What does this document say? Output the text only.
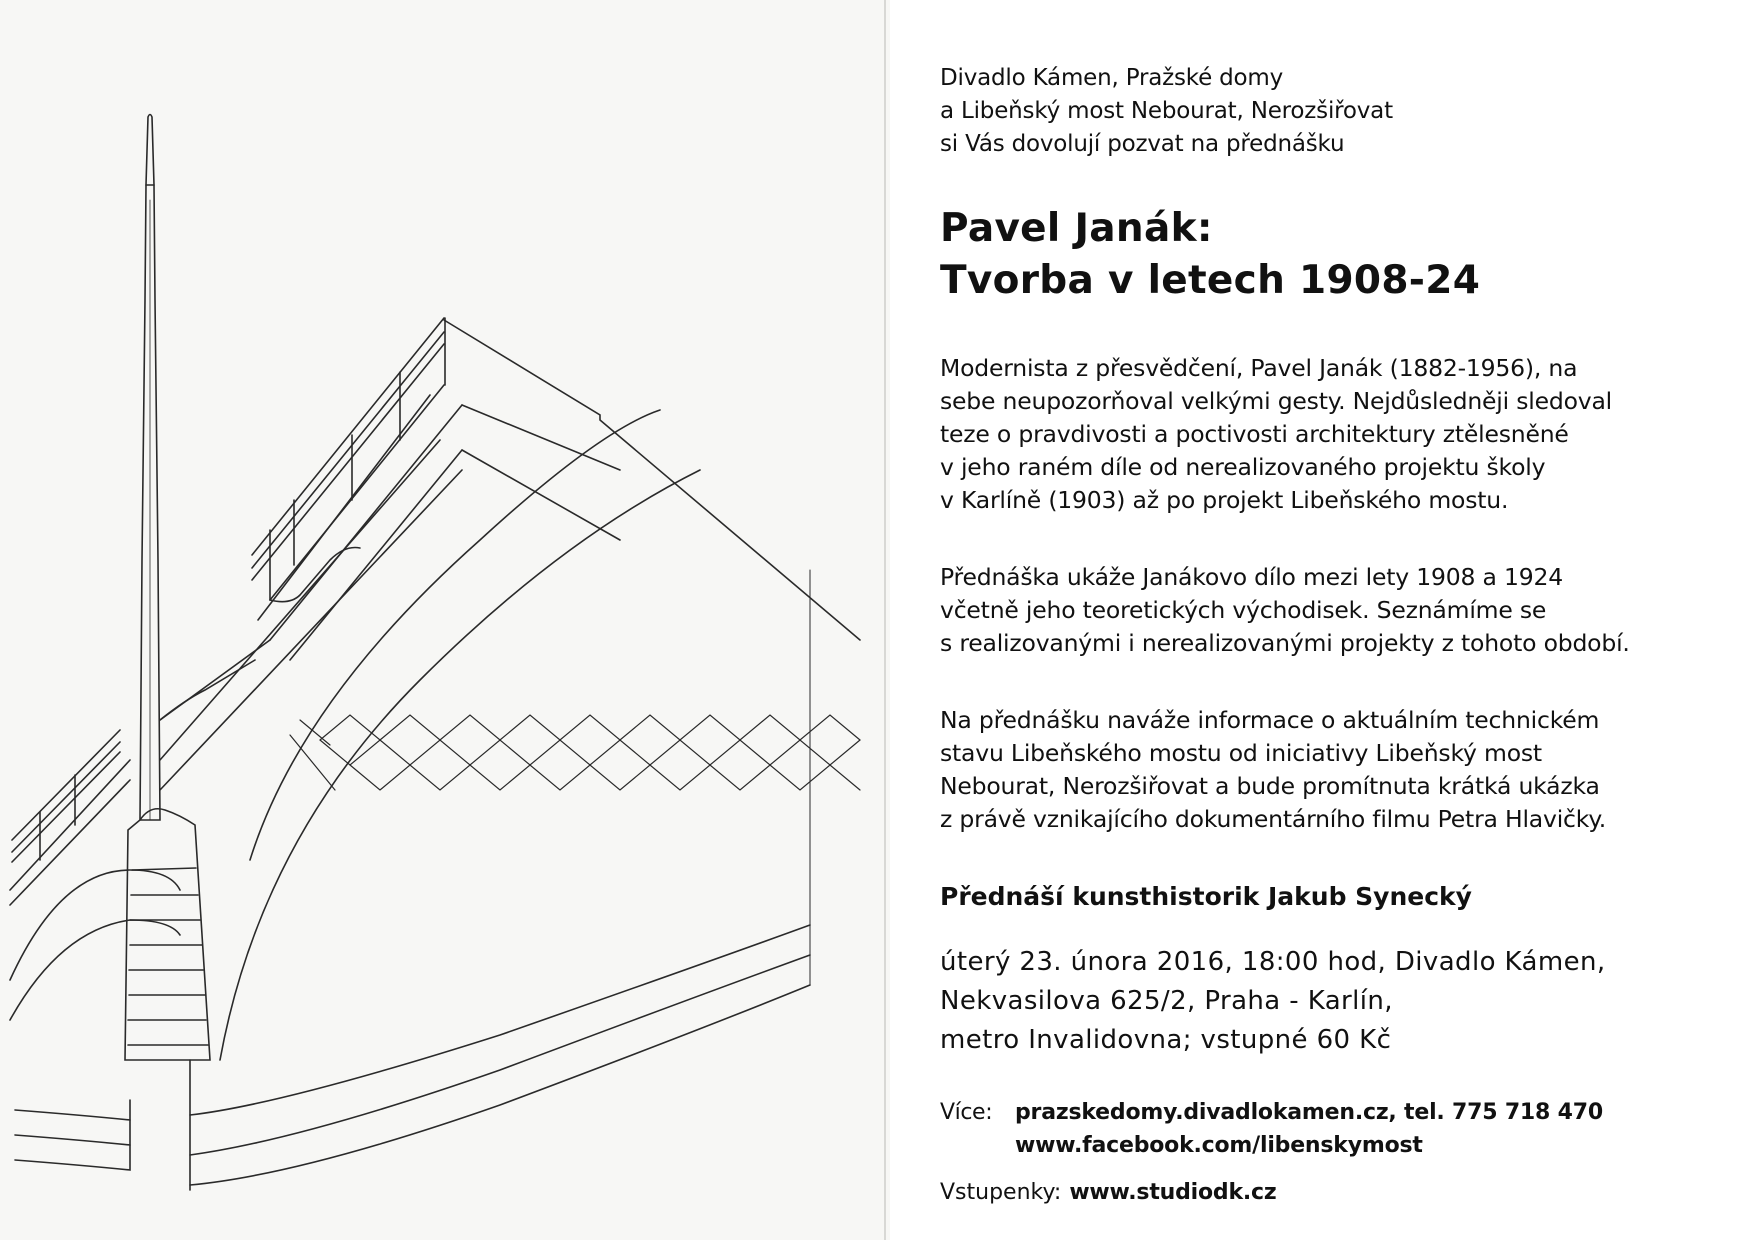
Divadlo Kámen, Pražské domy
a Libeňský most Nebourat, Nerozšiřovat
si Vás dovolují pozvat na přednášku

Pavel Janák:
Tvorba v letech 1908-24

Modernista z přesvědčení, Pavel Janák (1882-1956), na
sebe neupozorňoval velkými gesty. Nejdůsledněji sledoval
teze o pravdivosti a poctivosti architektury ztělesněné
v jeho raném díle od nerealizovaného projektu školy
v Karlíně (1903) až po projekt Libeňského mostu.

Přednáška ukáže Janákovo dílo mezi lety 1908 a 1924
včetně jeho teoretických východisek. Seznámíme se
s realizovanými i nerealizovanými projekty z tohoto období.

Na přednášku naváže informace o aktuálním technickém
stavu Libeňského mostu od iniciativy Libeňský most
Nebourat, Nerozšiřovat a bude promítnuta krátká ukázka
z právě vznikajícího dokumentárního filmu Petra Hlavičky.

Přednáší kunsthistorik Jakub Synecký

úterý 23. února 2016, 18:00 hod, Divadlo Kámen,
Nekvasilova 625/2, Praha - Karlín,
metro Invalidovna; vstupné 60 Kč

Více:	prazskedomy.divadlokamen.cz, tel. 775 718 470
www.facebook.com/libenskymost
Vstupenky: www.studiodk.cz
